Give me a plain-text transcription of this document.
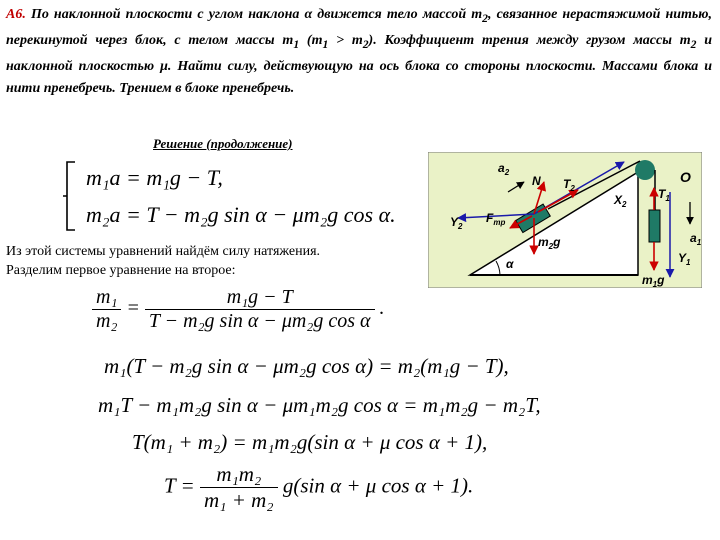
А6. По наклонной плоскости с углом наклона α движется тело массой $m_2$, связанное нерастяжимой нитью, перекинутой через блок, с телом массы $m_1$ $(m_1 > m_2)$. Коэффициент трения между грузом массы $m_2$ и наклонной плоскостью μ. Найти силу, действующую на ось блока со стороны плоскости. Массами блока и нити пренебречь. Трением в блоке пренебречь.
Решение (продолжение)
m₁a = m₁g − T,
m₂a = T − m₂g sin α − μm₂g cos α.
Из этой системы уравнений найдём силу натяжения.
Разделим первое уравнение на второе:
$\frac{\text{m₁}}{\text{m₂}} = \frac{\text{m₁g − T}}{\text{T − m₂g sin α − μm₂g cos α}}$ .
m₁(T − m₂g sin α − μm₂g cos α) = m₂(m₁g − T),
m₁T − m₁m₂g sin α − μm₁m₂g cos α = m₁m₂g − m₂T,
T(m₁ + m₂) = m₁m₂g(sin α + μ cos α + 1),
$T = \frac{\text{m₁m₂}}{\text{m₁ + m₂}} g(\sin$ α + μ cos α + 1).
$a_2$
N $T_2$
$Y_2$
$F_{тр}$
$X_2$
$m_2g$
α
O
$T_1$
$a_1$
$Y_1$
$m_1g$
